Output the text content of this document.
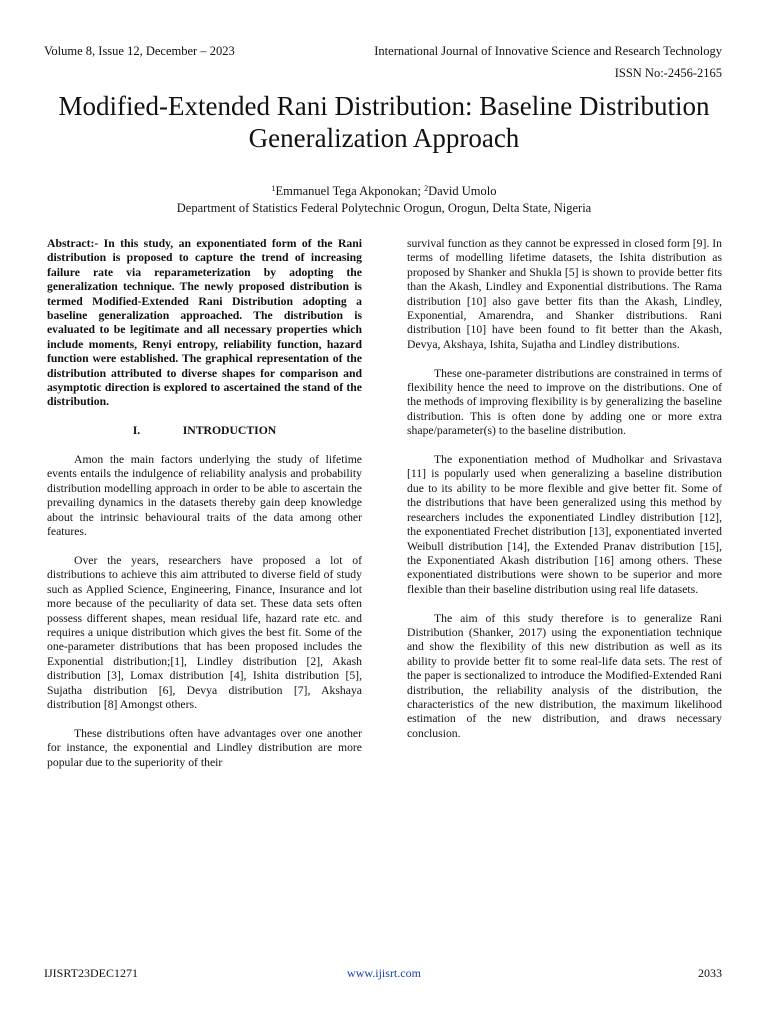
Volume 8, Issue 12, December – 2023	International Journal of Innovative Science and Research Technology
ISSN No:-2456-2165
Modified-Extended Rani Distribution: Baseline Distribution Generalization Approach
$^1$Emmanuel Tega Akponokan; $^2$David Umolo
Department of Statistics Federal Polytechnic Orogun, Orogun, Delta State, Nigeria

Abstract:- In this study, an exponentiated form of the Rani distribution is proposed to capture the trend of increasing failure rate via reparameterization by adopting the generalization technique. The newly proposed distribution is termed Modified-Extended Rani Distribution adopting a baseline generalization approached. The distribution is evaluated to be legitimate and all necessary properties which include moments, Renyi entropy, reliability function, hazard function were established. The graphical representation of the distribution attributed to diverse shapes for comparison and asymptotic direction is explored to ascertained the stand of the distribution.

I.	INTRODUCTION

Amon the main factors underlying the study of lifetime events entails the indulgence of reliability analysis and probability distribution modelling approach in order to be able to ascertain the prevailing dynamics in the datasets thereby gain deep knowledge about the intrinsic behavioural traits of the data among other features.

Over the years, researchers have proposed a lot of distributions to achieve this aim attributed to diverse field of study such as Applied Science, Engineering, Finance, Insurance and lot more because of the peculiarity of data set. These data sets often possess different shapes, mean residual life, hazard rate etc. and requires a unique distribution which gives the best fit. Some of the one-parameter distributions that has been proposed includes the Exponential distribution;[1], Lindley distribution [2], Akash distribution [3], Lomax distribution [4], Ishita distribution [5], Sujatha distribution [6], Devya distribution [7], Akshaya distribution [8] Amongst others.

These distributions often have advantages over one another for instance, the exponential and Lindley distribution are more popular due to the superiority of their

survival function as they cannot be expressed in closed form [9]. In terms of modelling lifetime datasets, the Ishita distribution as proposed by Shanker and Shukla [5] is shown to provide better fits than the Akash, Lindley and Exponential distributions. The Rama distribution [10] also gave better fits than the Akash, Lindley, Exponential, Amarendra, and Shanker distributions. Rani distribution [10] have been found to fit better than the Akash, Devya, Akshaya, Ishita, Sujatha and Lindley distributions.

These one-parameter distributions are constrained in terms of flexibility hence the need to improve on the distributions. One of the methods of improving flexibility is by generalizing the baseline distribution. This is often done by adding one or more extra shape/parameter(s) to the baseline distribution.

The exponentiation method of Mudholkar and Srivastava [11] is popularly used when generalizing a baseline distribution due to its ability to be more flexible and give better fit. Some of the distributions that have been generalized using this method by researchers includes the exponentiated Lindley distribution [12], the exponentiated Frechet distribution [13], exponentiated inverted Weibull distribution [14], the Extended Pranav distribution [15], the Exponentiated Akash distribution [16] among others. These exponentiated distributions were shown to be superior and more flexible than their baseline distribution using real life datasets.

The aim of this study therefore is to generalize Rani Distribution (Shanker, 2017) using the exponentiation technique and show the flexibility of this new distribution as well as its ability to provide better fit to some real-life data sets. The rest of the paper is sectionalized to introduce the Modified-Extended Rani distribution, the reliability analysis of the distribution, the characteristics of the new distribution, the maximum likelihood estimation of the new distribution, and draws necessary conclusion.

IJISRT23DEC1271	www.ijisrt.com	2033
